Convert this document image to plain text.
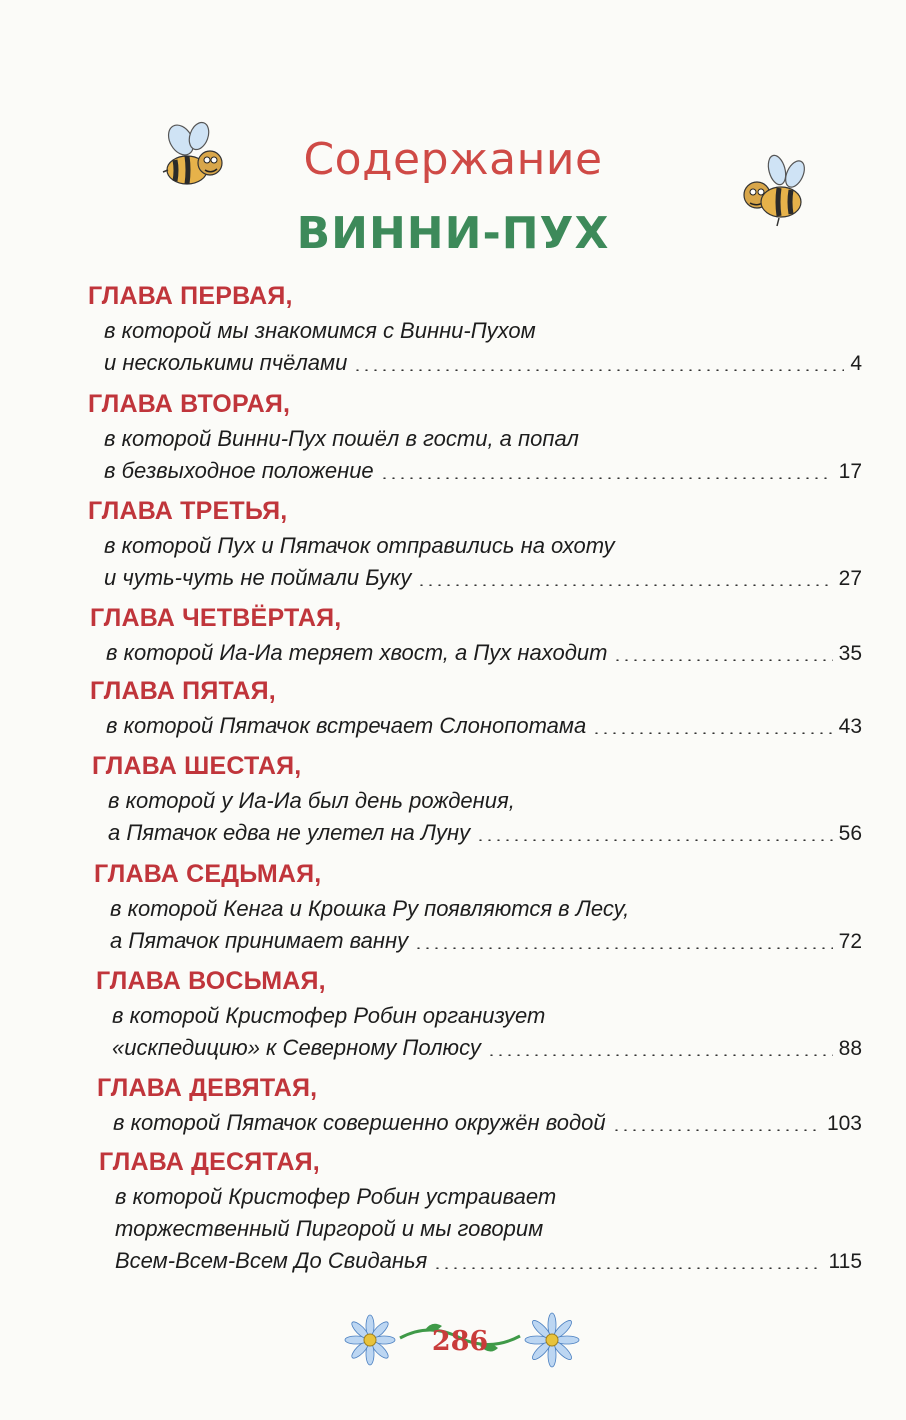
Содержание
ВИННИ-ПУХ
ГЛАВА ПЕРВАЯ,
в которой мы знакомимся с Винни-Пухом
и несколькими пчёлами	4
ГЛАВА ВТОРАЯ,
в которой Винни-Пух пошёл в гости, а попал
в безвыходное положение	17
ГЛАВА ТРЕТЬЯ,
в которой Пух и Пятачок отправились на охоту
и чуть-чуть не поймали Буку	27
ГЛАВА ЧЕТВЁРТАЯ,
в которой Иа-Иа теряет хвост, а Пух находит	35
ГЛАВА ПЯТАЯ,
в которой Пятачок встречает Слонопотама	43
ГЛАВА ШЕСТАЯ,
в которой у Иа-Иа был день рождения,
а Пятачок едва не улетел на Луну	56
ГЛАВА СЕДЬМАЯ,
в которой Кенга и Крошка Ру появляются в Лесу,
а Пятачок принимает ванну	72
ГЛАВА ВОСЬМАЯ,
в которой Кристофер Робин организует
«искпедицию» к Северному Полюсу	88
ГЛАВА ДЕВЯТАЯ,
в которой Пятачок совершенно окружён водой	103
ГЛАВА ДЕСЯТАЯ,
в которой Кристофер Робин устраивает
торжественный Пиргорой и мы говорим
Всем-Всем-Всем До Свиданья	115
286
